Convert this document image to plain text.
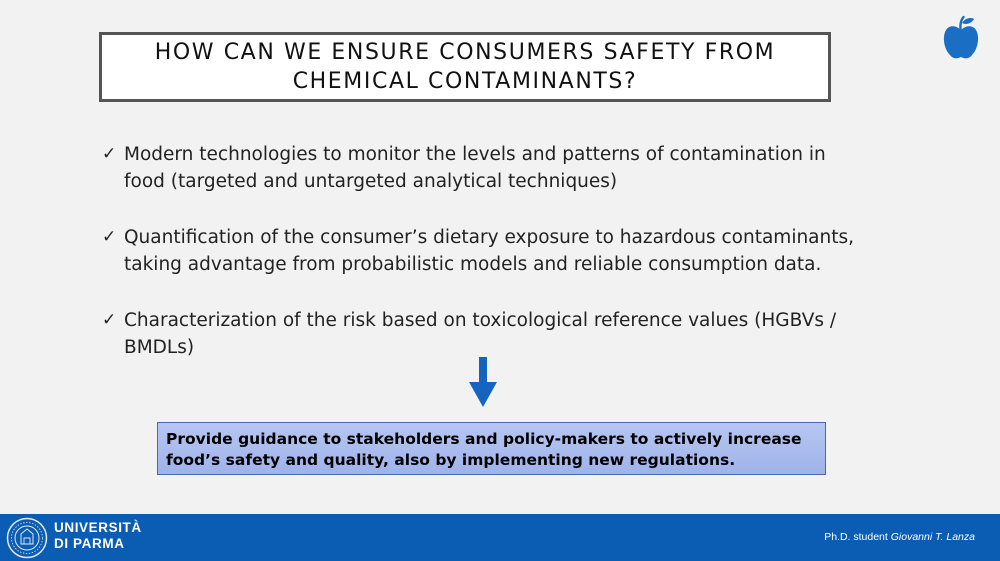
HOW CAN WE ENSURE CONSUMERS SAFETY FROM
CHEMICAL CONTAMINANTS?
✓ Modern technologies to monitor the levels and patterns of contamination in
food (targeted and untargeted analytical techniques)
✓ Quantification of the consumer’s dietary exposure to hazardous contaminants,
taking advantage from probabilistic models and reliable consumption data.
✓ Characterization of the risk based on toxicological reference values (HGBVs /
BMDLs)
Provide guidance to stakeholders and policy-makers to actively increase
food’s safety and quality, also by implementing new regulations.
UNIVERSITÀ
DI PARMA	Ph.D. student Giovanni T. Lanza
